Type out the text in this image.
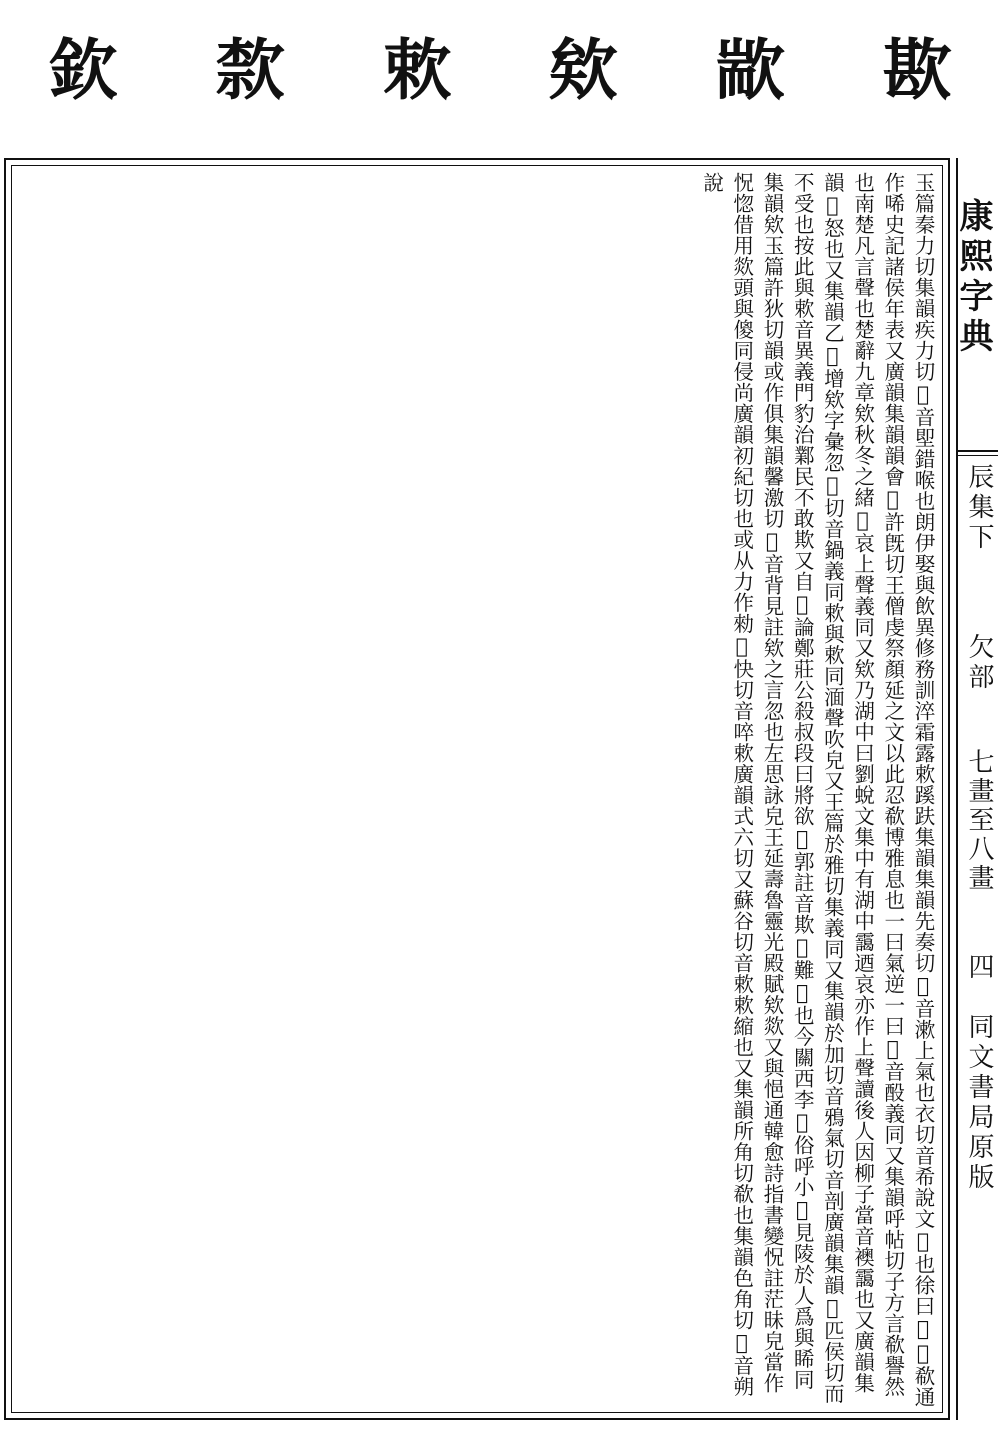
歁
歂
欸
欶
歀
欽
玉篇秦力切集韻疾力切𣢾音堲錯喉也朗伊娶與飲異修務訓淬霜露欶蹊趺集韻集韻先奏切𣢾音漱上氣也衣切音希說文𣢾也徐曰𣢾𣢾欷通作唏史記諸侯年表又廣韻集韻韻會𣢾許旣切王僧虔祭顏延之文以此忍欷博雅息也一曰氣逆一曰𣢾音酘義同又集韻呼帖切子方言欷譽然也南楚凡言聲也楚辭九章欸秋冬之緒𣢾哀上聲義同又欸乃湖中曰劉蛻文集中有湖中靄迺哀亦作上聲讀後人因柳子當音襖靄也又廣韻集韻𣢾怒也又集韻乙𣢾增欸字彙忽𣢾切音鍋義同欶與欶同湎聲吹皃又王篇於雅切集義同又集韻於加切音鴉氣切音剖廣韻集韻𣢾匹侯切而不受也按此與欶音異義門豹治鄴民不敢欺又自𣢾論鄭莊公殺叔段曰將欲𣢾郭註音欺𣢾難𣢾也今關西李𦈐俗呼小𣢾見陵於人爲與睎同集韻欸玉篇許狄切韻或作俱集韻馨激切𣢾音背見註欸之言忽也左思詠皃王延壽魯靈光殿賦欸欻又與悒通韓愈詩指書變怳註茫昧皃當作怳惚借用欻頭與傻同侵尚廣韻初紀切也或从力作勑𣣋快切音啐欶廣韻式六切又蘇谷切音欶欶縮也又集韻所角切欷也集韻色角切𣢾音朔說
康熙字典
辰集下
欠部
七畫至八畫
四
同文書局原版
